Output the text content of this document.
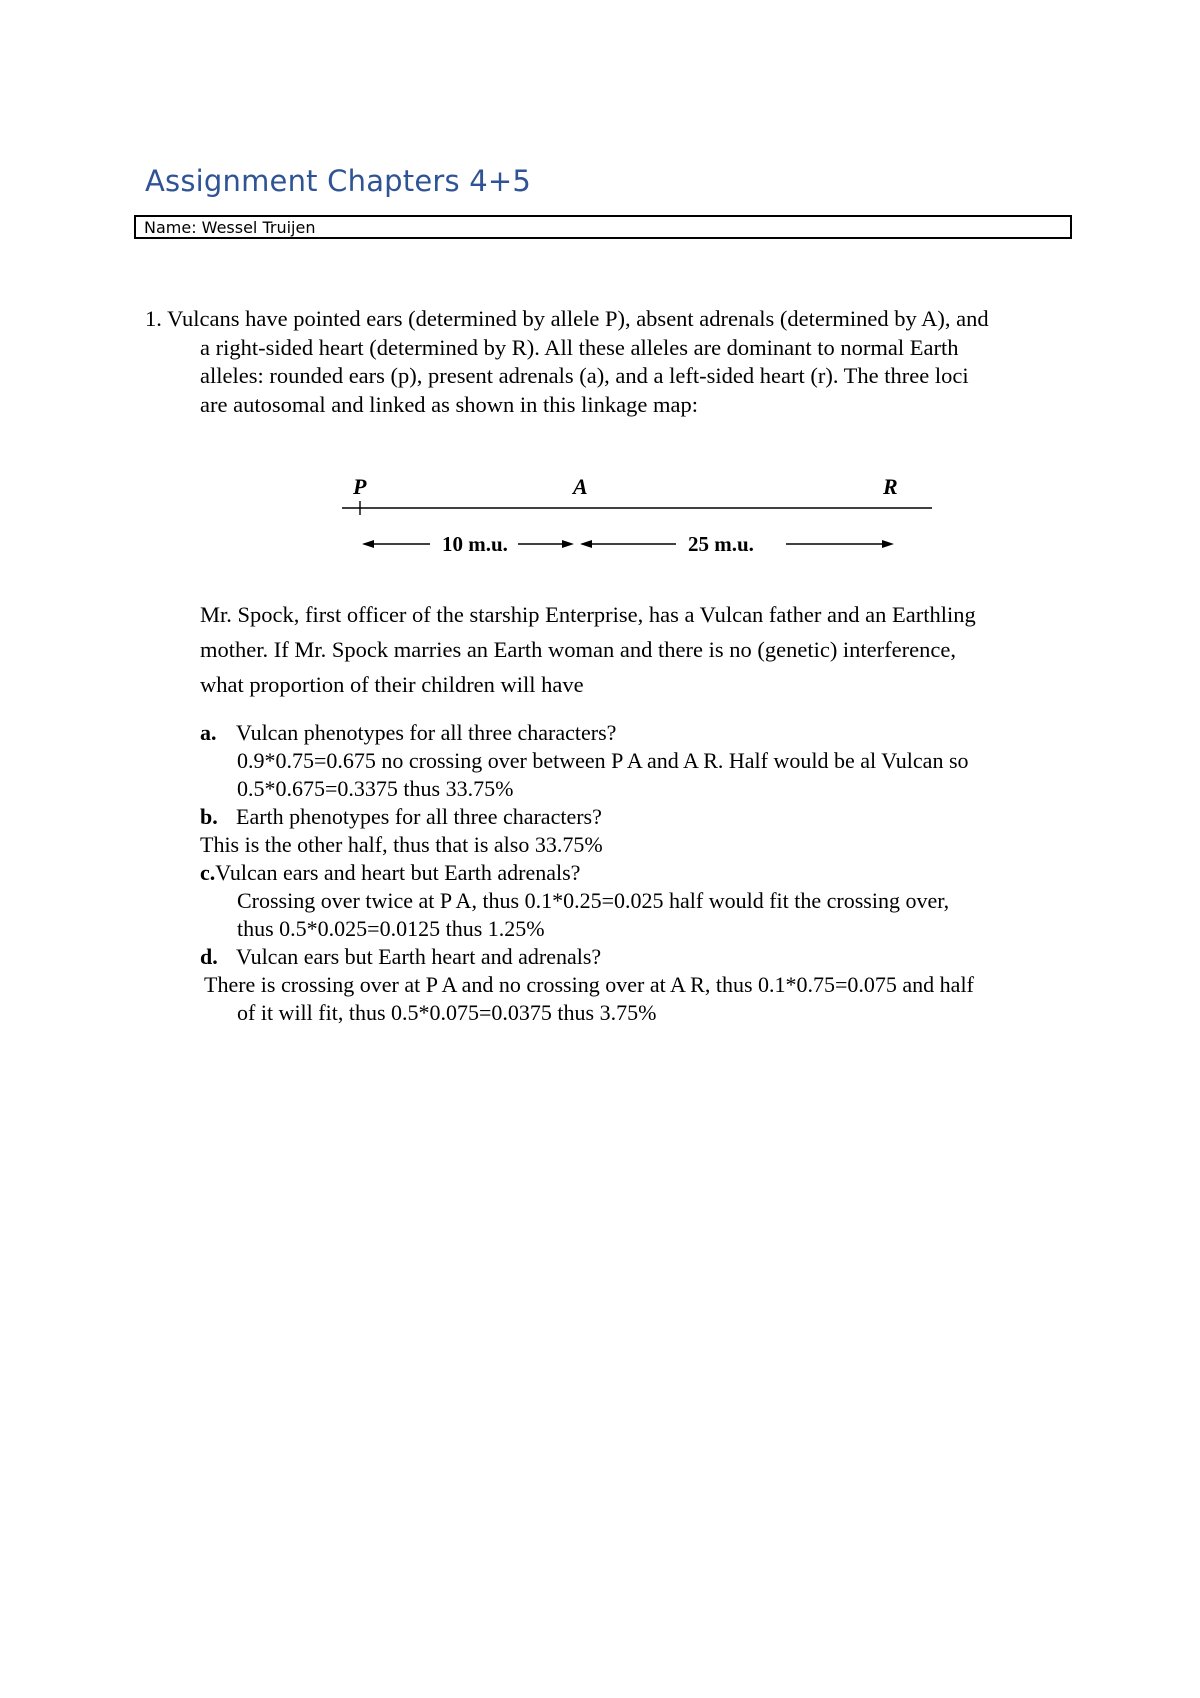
Assignment Chapters 4+5
Name: Wessel Truijen
1. Vulcans have pointed ears (determined by allele P), absent adrenals (determined by A), and
a right-sided heart (determined by R). All these alleles are dominant to normal Earth
alleles: rounded ears (p), present adrenals (a), and a left-sided heart (r). The three loci
are autosomal and linked as shown in this linkage map:
P	A	R
10 m.u.	25 m.u.
Mr. Spock, first officer of the starship Enterprise, has a Vulcan father and an Earthling
mother. If Mr. Spock marries an Earth woman and there is no (genetic) interference,
what proportion of their children will have
a. Vulcan phenotypes for all three characters?
0.9*0.75=0.675 no crossing over between P A and A R. Half would be al Vulcan so
0.5*0.675=0.3375 thus 33.75%
b. Earth phenotypes for all three characters?
This is the other half, thus that is also 33.75%
c.Vulcan ears and heart but Earth adrenals?
Crossing over twice at P A, thus 0.1*0.25=0.025 half would fit the crossing over,
thus 0.5*0.025=0.0125 thus 1.25%
d. Vulcan ears but Earth heart and adrenals?
There is crossing over at P A and no crossing over at A R, thus 0.1*0.75=0.075 and half
of it will fit, thus 0.5*0.075=0.0375 thus 3.75%
